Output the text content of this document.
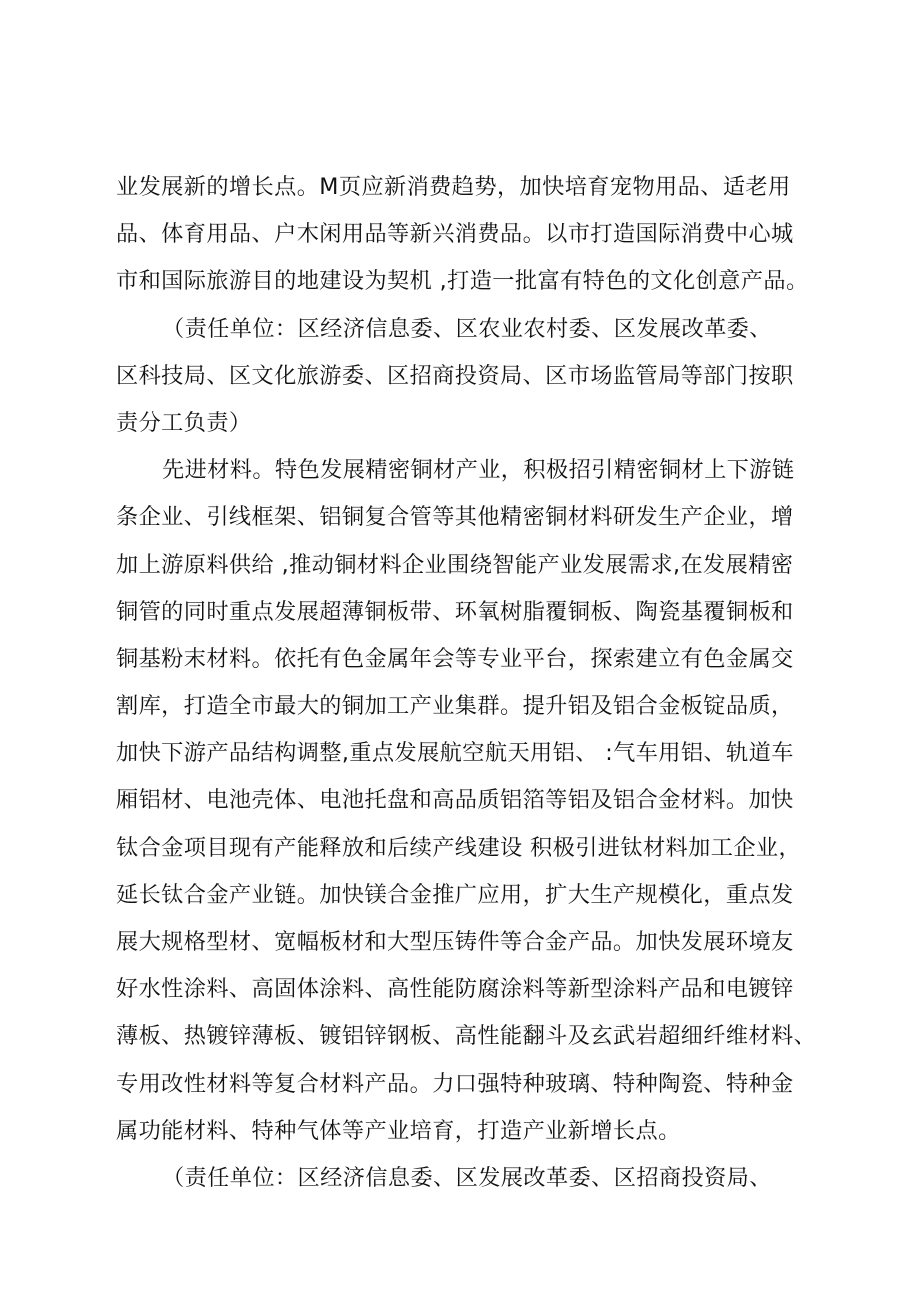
业发展新的增长点。M页应新消费趋势，加快培育宠物用品、适老用
品、体育用品、户木闲用品等新兴消费品。以市打造国际消费中心城
市和国际旅游目的地建设为契机 ,打造一批富有特色的文化创意产品。
（责任单位：区经济信息委、区农业农村委、区发展改革委、
区科技局、区文化旅游委、区招商投资局、区市场监管局等部门按职
责分工负责）
先进材料。特色发展精密铜材产业，积极招引精密铜材上下游链
条企业、引线框架、铝铜复合管等其他精密铜材料研发生产企业，增
加上游原料供给 ,推动铜材料企业围绕智能产业发展需求,在发展精密
铜管的同时重点发展超薄铜板带、环氧树脂覆铜板、陶瓷基覆铜板和
铜基粉末材料。依托有色金属年会等专业平台，探索建立有色金属交
割库，打造全市最大的铜加工产业集群。提升铝及铝合金板锭品质，
加快下游产品结构调整,重点发展航空航天用铝、 :气车用铝、轨道车
厢铝材、电池壳体、电池托盘和高品质铝箔等铝及铝合金材料。加快
钛合金项目现有产能释放和后续产线建设 积极引进钛材料加工企业，
延长钛合金产业链。加快镁合金推广应用，扩大生产规模化，重点发
展大规格型材、宽幅板材和大型压铸件等合金产品。加快发展环境友
好水性涂料、高固体涂料、高性能防腐涂料等新型涂料产品和电镀锌
薄板、热镀锌薄板、镀铝锌钢板、高性能翻斗及玄武岩超细纤维材料、
专用改性材料等复合材料产品。力口强特种玻璃、特种陶瓷、特种金
属功能材料、特种气体等产业培育，打造产业新增长点。
（责任单位：区经济信息委、区发展改革委、区招商投资局、
